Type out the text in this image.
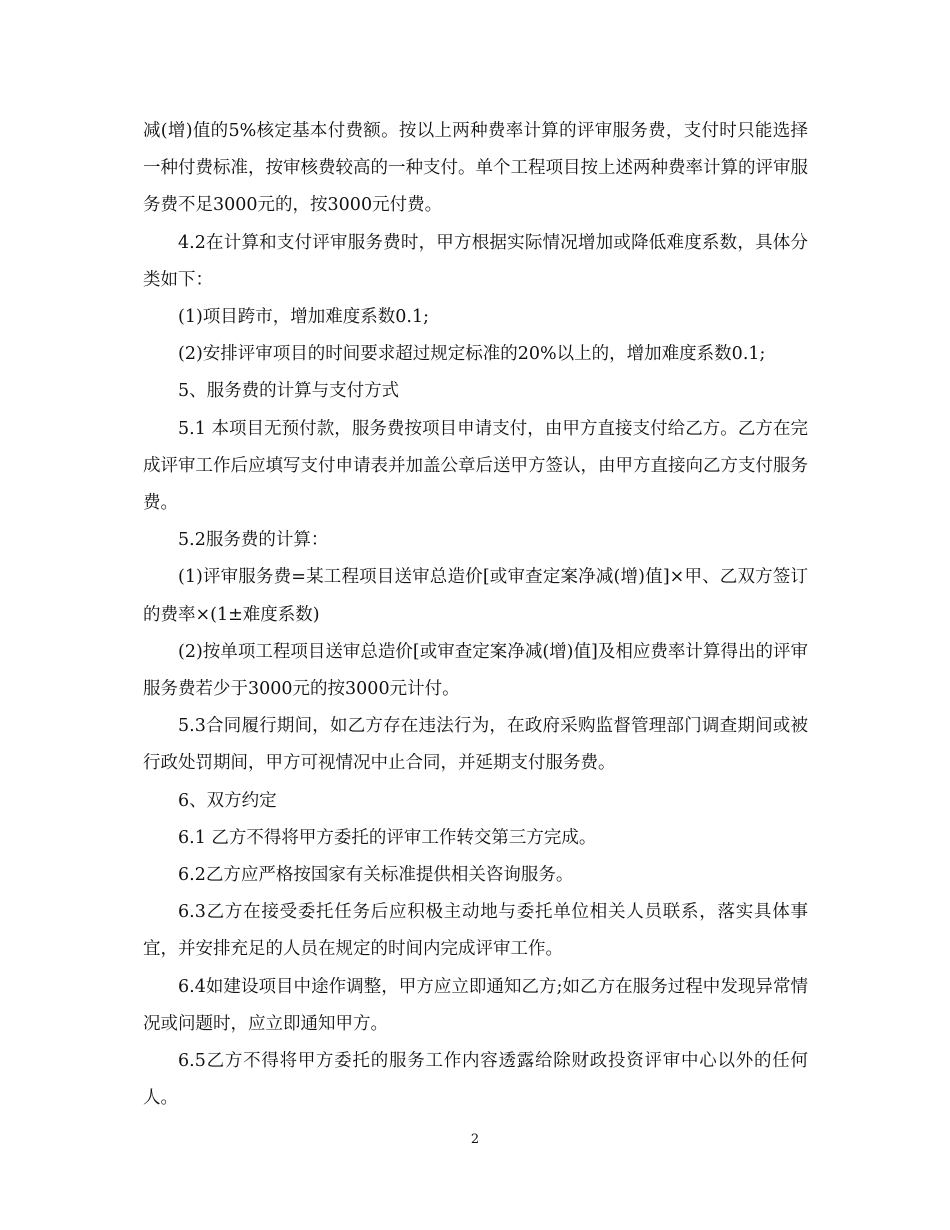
减(增)值的5%核定基本付费额。按以上两种费率计算的评审服务费，支付时只能选择一种付费标准，按审核费较高的一种支付。单个工程项目按上述两种费率计算的评审服务费不足3000元的，按3000元付费。

4.2在计算和支付评审服务费时，甲方根据实际情况增加或降低难度系数，具体分类如下：

(1)项目跨市，增加难度系数0.1;

(2)安排评审项目的时间要求超过规定标准的20%以上的，增加难度系数0.1;

5、服务费的计算与支付方式

5.1 本项目无预付款，服务费按项目申请支付，由甲方直接支付给乙方。乙方在完成评审工作后应填写支付申请表并加盖公章后送甲方签认，由甲方直接向乙方支付服务费。

5.2服务费的计算：

(1)评审服务费=某工程项目送审总造价[或审查定案净减(增)值]×甲、乙双方签订的费率×(1±难度系数)

(2)按单项工程项目送审总造价[或审查定案净减(增)值]及相应费率计算得出的评审服务费若少于3000元的按3000元计付。

5.3合同履行期间，如乙方存在违法行为，在政府采购监督管理部门调查期间或被行政处罚期间，甲方可视情况中止合同，并延期支付服务费。

6、双方约定

6.1 乙方不得将甲方委托的评审工作转交第三方完成。

6.2乙方应严格按国家有关标准提供相关咨询服务。

6.3乙方在接受委托任务后应积极主动地与委托单位相关人员联系，落实具体事宜，并安排充足的人员在规定的时间内完成评审工作。

6.4如建设项目中途作调整，甲方应立即通知乙方;如乙方在服务过程中发现异常情况或问题时，应立即通知甲方。

6.5乙方不得将甲方委托的服务工作内容透露给除财政投资评审中心以外的任何人。

2
